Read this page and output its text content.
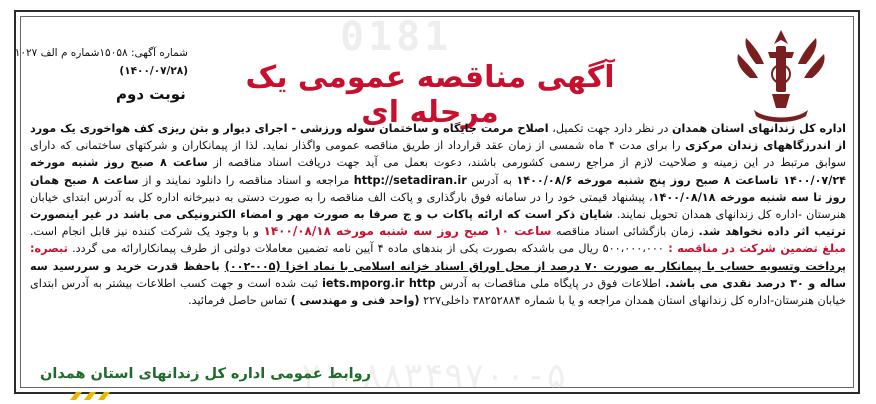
0181
۰۲۱-۸۸۳۴۹۷۰۰-۵
شماره آگهی: ۱۵۰۵۸شماره م الف ۱۰۲۷
(۱۴۰۰/۰۷/۲۸)
نوبت دوم	آگهی مناقصه عمومی یک مرحله ای	اداره کل زندانهای استان همدان در نظر دارد جهت تکمیل، اصلاح مرمت جایگاه و ساختمان سوله ورزشی - اجرای دیوار و بتن ریزی کف هواخوری یک مورد از اندرزگاههای زندان مرکزی را برای مدت ۴ ماه شمسی از زمان عقد قرارداد از طریق مناقصه عمومی واگذار نماید. لذا از پیمانکاران و شرکتهای ساختمانی که دارای سوابق مرتبط در این زمینه و صلاحیت لازم از مراجع رسمی کشورمی باشند، دعوت بعمل می آید جهت دریافت اسناد مناقصه از ساعت ۸ صبح روز شنبه مورخه ۱۴۰۰/۰۷/۲۴ تاساعت ۸ صبح روز پنج شنبه مورخه ۱۴۰۰/۰۸/۶ به آدرس http://setadiran.ir مراجعه و اسناد مناقصه را دانلود نمایند و از ساعت ۸ صبح همان روز تا سه شنبه مورخه ۱۴۰۰/۰۸/۱۸، پیشنهاد قیمتی خود را در سامانه فوق بارگذاری و پاکت الف مناقصه را به صورت دستی به دبیرخانه اداره کل به آدرس ابتدای خیابان هنرستان -اداره کل زندانهای همدان تحویل نمایند. شایان ذکر است که ارائه پاکات ب و ج صرفا به صورت مهر و امضاء الکترونیکی می باشد در غیر اینصورت ترتیب اثر داده نخواهد شد. زمان بازگشائی اسناد مناقصه ساعت ۱۰ صبح روز سه شنبه مورخه ۱۴۰۰/۰۸/۱۸ و با وجود یک شرکت کننده نیز قابل انجام است. مبلغ تضمین شرکت در مناقصه : ۵۰۰،۰۰۰،۰۰۰ ریال می باشدکه بصورت یکی از بندهای ماده ۴ آیین نامه تضمین معاملات دولتی از طرف پیمانکارارائه می گردد. تبصره: پرداخت وتسویه حساب با پیمانکار به صورت ۷۰ درصد از محل اوراق اسناد خزانه اسلامی با نماد اخزا (۰۰۵-۰۰۲) باحفظ قدرت خرید و سررسید سه ساله و ۳۰ درصد نقدی می باشد. اطلاعات فوق در پایگاه ملی مناقصات به آدرس iets.mporg.ir http ثبت شده است و جهت کسب اطلاعات بیشتر به آدرس ابتدای خیابان هنرستان-اداره کل زندانهای استان همدان مراجعه و یا با شماره ۳۸۲۵۲۸۸۴ داخلی۲۲۷ (واحد فنی و مهندسی ) تماس حاصل فرمائید.

روابط عمومی اداره کل زندانهای استان همدان
